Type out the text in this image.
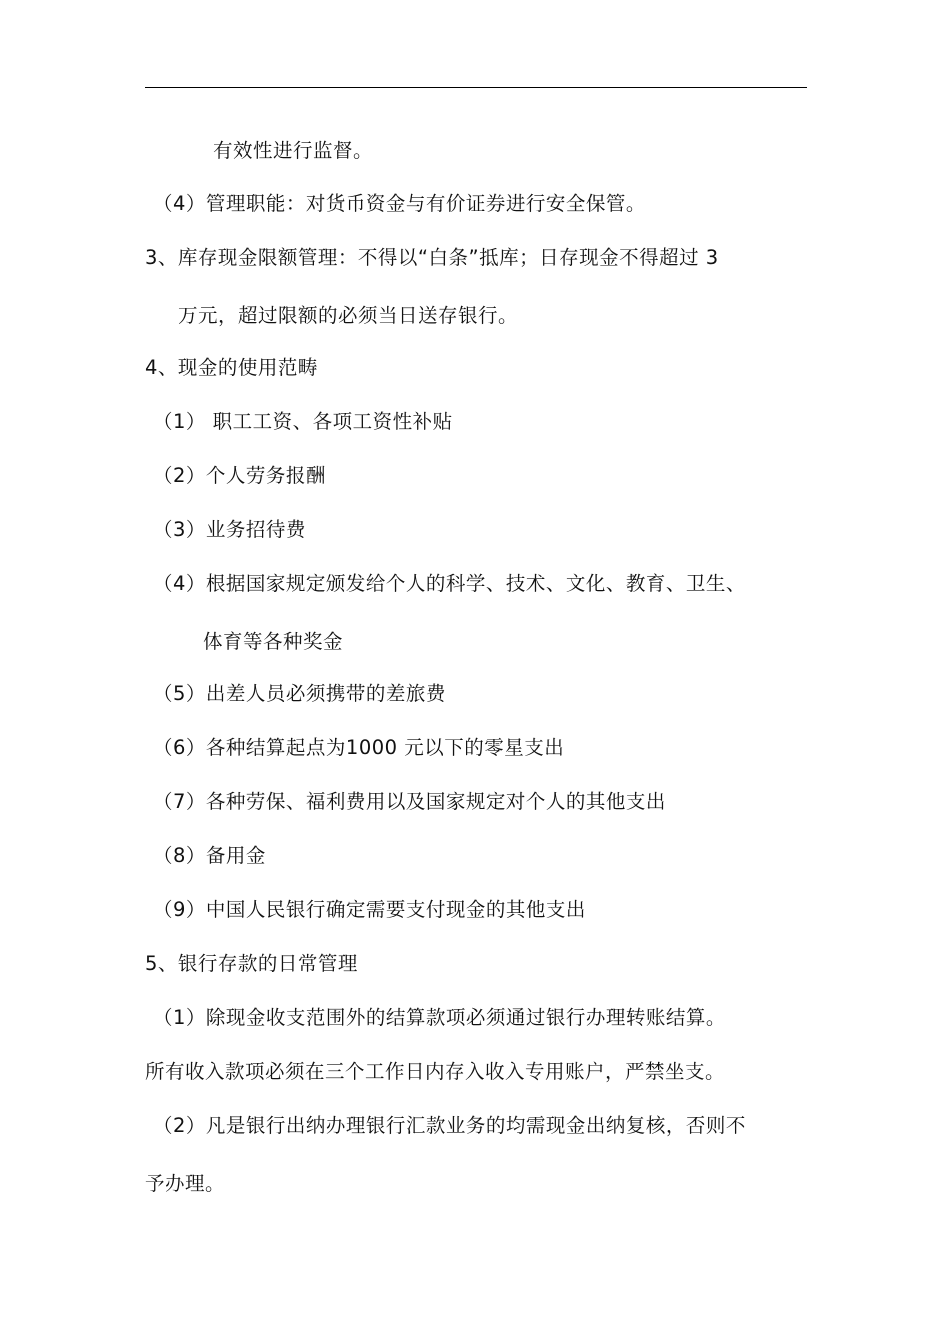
有效性进行监督。
（4）管理职能：对货币资金与有价证券进行安全保管。
3、库存现金限额管理：不得以“白条”抵库；日存现金不得超过 3
万元，超过限额的必须当日送存银行。
4、现金的使用范畴
（1） 职工工资、各项工资性补贴
（2）个人劳务报酬
（3）业务招待费
（4）根据国家规定颁发给个人的科学、技术、文化、教育、卫生、
体育等各种奖金
（5）出差人员必须携带的差旅费
（6）各种结算起点为1000 元以下的零星支出
（7）各种劳保、福利费用以及国家规定对个人的其他支出
（8）备用金
（9）中国人民银行确定需要支付现金的其他支出
5、银行存款的日常管理
（1）除现金收支范围外的结算款项必须通过银行办理转账结算。
所有收入款项必须在三个工作日内存入收入专用账户，严禁坐支。
（2）凡是银行出纳办理银行汇款业务的均需现金出纳复核，否则不
予办理。
